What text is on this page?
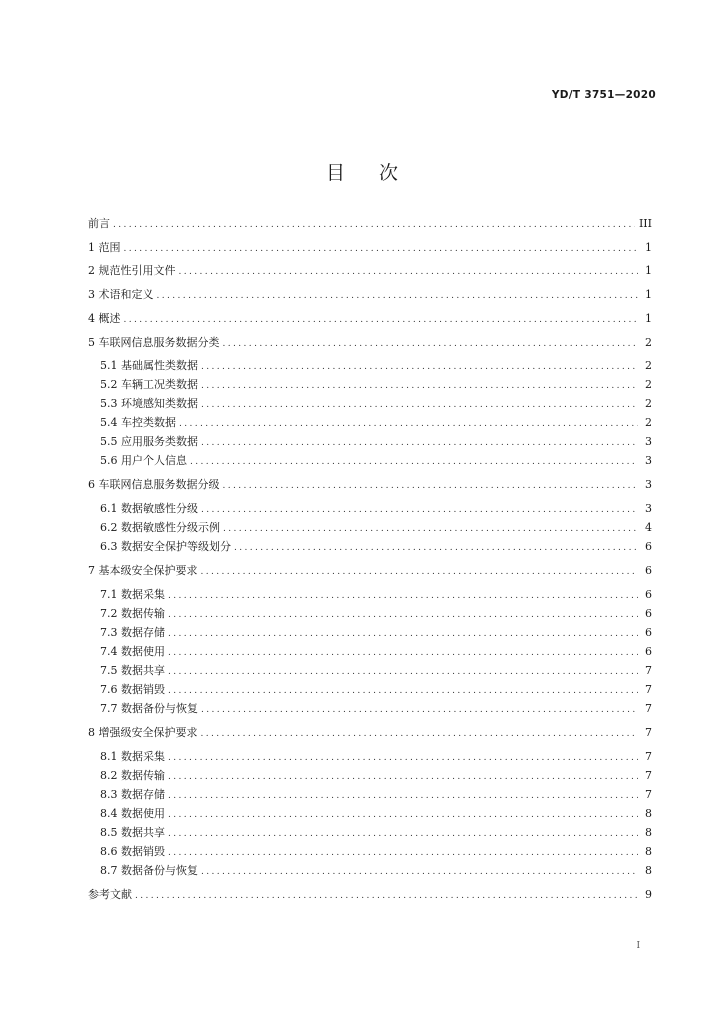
YD/T 3751—2020
目 次
前言 .....	III
1 范围 .....	1
2 规范性引用文件 .....	1
3 术语和定义 .....	1
4 概述 .....	1
5 车联网信息服务数据分类 .....	2
5.1 基础属性类数据 .....	2
5.2 车辆工况类数据 .....	2
5.3 环境感知类数据 .....	2
5.4 车控类数据 .....	2
5.5 应用服务类数据 .....	3
5.6 用户个人信息 .....	3
6 车联网信息服务数据分级 .....	3
6.1 数据敏感性分级 .....	3
6.2 数据敏感性分级示例 .....	4
6.3 数据安全保护等级划分 .....	6
7 基本级安全保护要求 .....	6
7.1 数据采集 .....	6
7.2 数据传输 .....	6
7.3 数据存储 .....	6
7.4 数据使用 .....	6
7.5 数据共享 .....	7
7.6 数据销毁 .....	7
7.7 数据备份与恢复 .....	7
8 增强级安全保护要求 .....	7
8.1 数据采集 .....	7
8.2 数据传输 .....	7
8.3 数据存储 .....	7
8.4 数据使用 .....	8
8.5 数据共享 .....	8
8.6 数据销毁 .....	8
8.7 数据备份与恢复 .....	8
参考文献 .....	9
I
